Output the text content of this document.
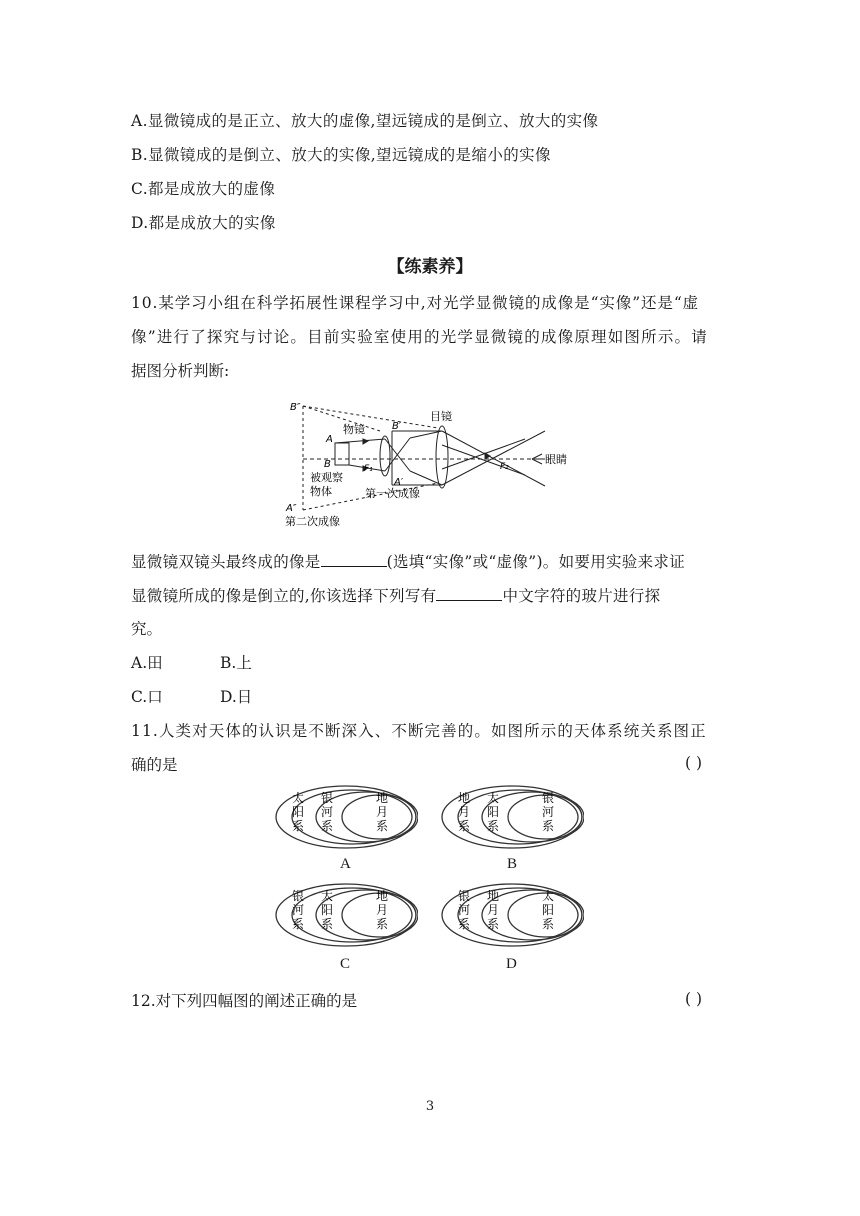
A.显微镜成的是正立、放大的虚像,望远镜成的是倒立、放大的实像
B.显微镜成的是倒立、放大的实像,望远镜成的是缩小的实像
C.都是成放大的虚像
D.都是成放大的实像
【练素养】
10.某学习小组在科学拓展性课程学习中,对光学显微镜的成像是“实像”还是“虚
像”进行了探究与讨论。目前实验室使用的光学显微镜的成像原理如图所示。请
据图分析判断:
B″
A″
A
B
B′
A′
F₁	F₂
物镜
目镜
眼睛
被观察
物体	第一次成像
第二次成像
显微镜双镜头最终成的像是	(选填“实像”或“虚像”)。如要用实验来求证
显微镜所成的像是倒立的,你该选择下列写有	中文字符的玻片进行探
究。
A.田	B.上
C.口	D.日
11.人类对天体的认识是不断深入、不断完善的。如图所示的天体系统关系图正
确的是	( )
太
阳
系
银
河
系
地
月
系
A
地
月
系
太
阳
系
银
河
系
B
银
河
系
太
阳
系
地
月
系
C
银
河
系
地
月
系
太
阳
系
D
12.对下列四幅图的阐述正确的是	( )
3
